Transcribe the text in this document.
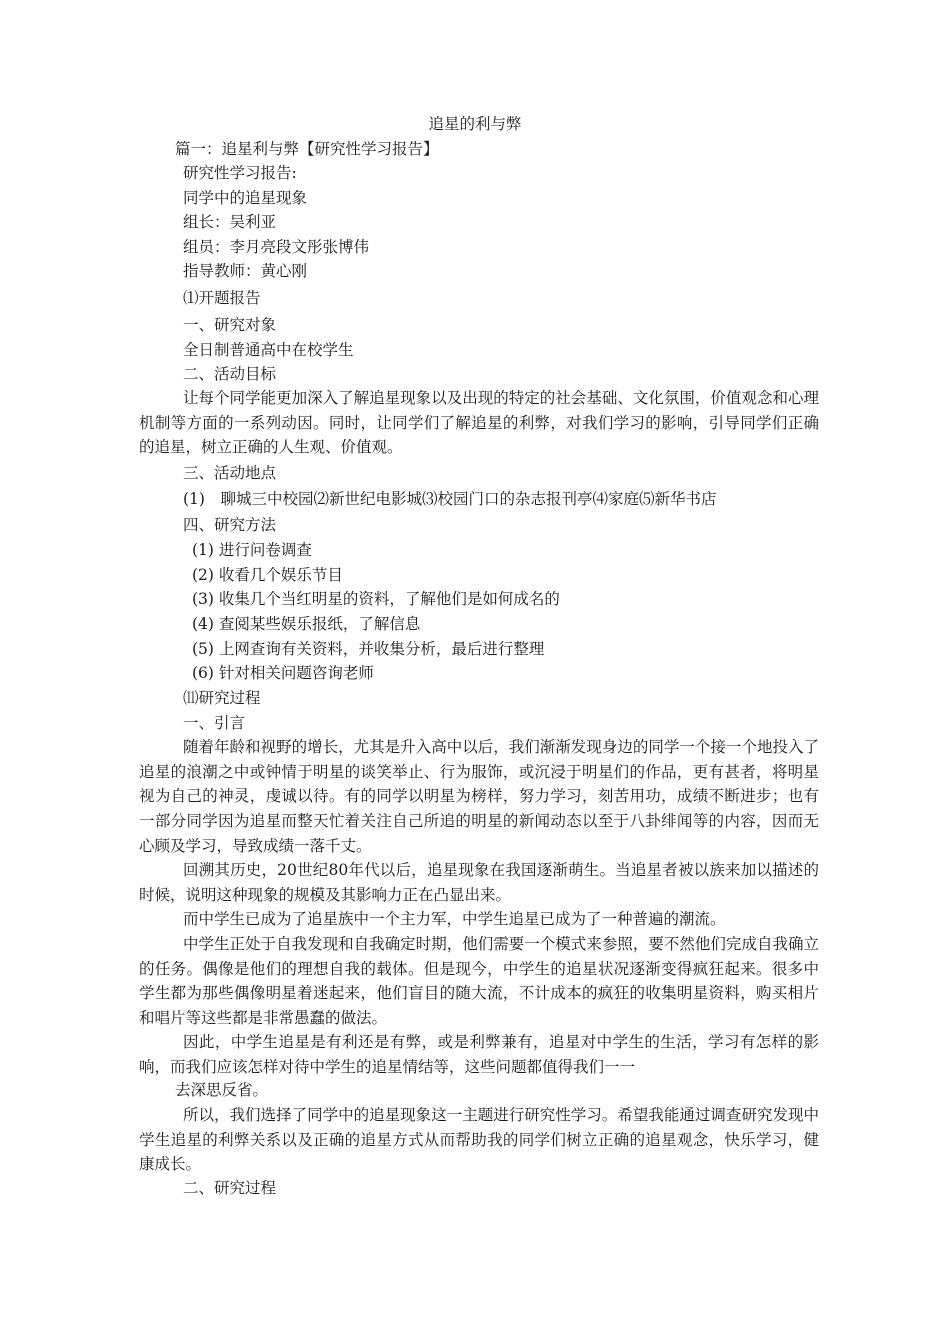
追星的利与弊
篇一：追星利与弊【研究性学习报告】
研究性学习报告:
同学中的追星现象
组长：吴利亚
组员：李月亮段文彤张博伟
指导教师：黄心刚
⑴开题报告
一、研究对象
全日制普通高中在校学生
二、活动目标
让每个同学能更加深入了解追星现象以及出现的特定的社会基础、文化氛围，价值观念和心理机制等方面的一系列动因。同时，让同学们了解追星的利弊，对我们学习的影响，引导同学们正确的追星，树立正确的人生观、价值观。
三、活动地点
(1)　聊城三中校园⑵新世纪电影城⑶校园门口的杂志报刊亭⑷家庭⑸新华书店
四、研究方法
(1) 进行问卷调查
(2) 收看几个娱乐节目
(3) 收集几个当红明星的资料，了解他们是如何成名的
(4) 查阅某些娱乐报纸，了解信息
(5) 上网查询有关资料，并收集分析，最后进行整理
(6) 针对相关问题咨询老师
⑾研究过程
一、引言
随着年龄和视野的增长，尤其是升入高中以后，我们渐渐发现身边的同学一个接一个地投入了追星的浪潮之中或钟情于明星的谈笑举止、行为服饰，或沉浸于明星们的作品，更有甚者，将明星视为自己的神灵，虔诚以待。有的同学以明星为榜样，努力学习，刻苦用功，成绩不断进步；也有一部分同学因为追星而整天忙着关注自己所追的明星的新闻动态以至于八卦绯闻等的内容，因而无心顾及学习，导致成绩一落千丈。
回溯其历史，20世纪80年代以后，追星现象在我国逐渐萌生。当追星者被以族来加以描述的时候，说明这种现象的规模及其影响力正在凸显出来。
而中学生已成为了追星族中一个主力军，中学生追星已成为了一种普遍的潮流。
中学生正处于自我发现和自我确定时期，他们需要一个模式来参照，要不然他们完成自我确立的任务。偶像是他们的理想自我的载体。但是现今，中学生的追星状况逐渐变得疯狂起来。很多中学生都为那些偶像明星着迷起来，他们盲目的随大流，不计成本的疯狂的收集明星资料，购买相片和唱片等这些都是非常愚蠢的做法。
因此，中学生追星是有利还是有弊，或是利弊兼有，追星对中学生的生活，学习有怎样的影响，而我们应该怎样对待中学生的追星情结等，这些问题都值得我们一一
去深思反省。
所以，我们选择了同学中的追星现象这一主题进行研究性学习。希望我能通过调查研究发现中学生追星的利弊关系以及正确的追星方式从而帮助我的同学们树立正确的追星观念，快乐学习，健康成长。
二、研究过程
